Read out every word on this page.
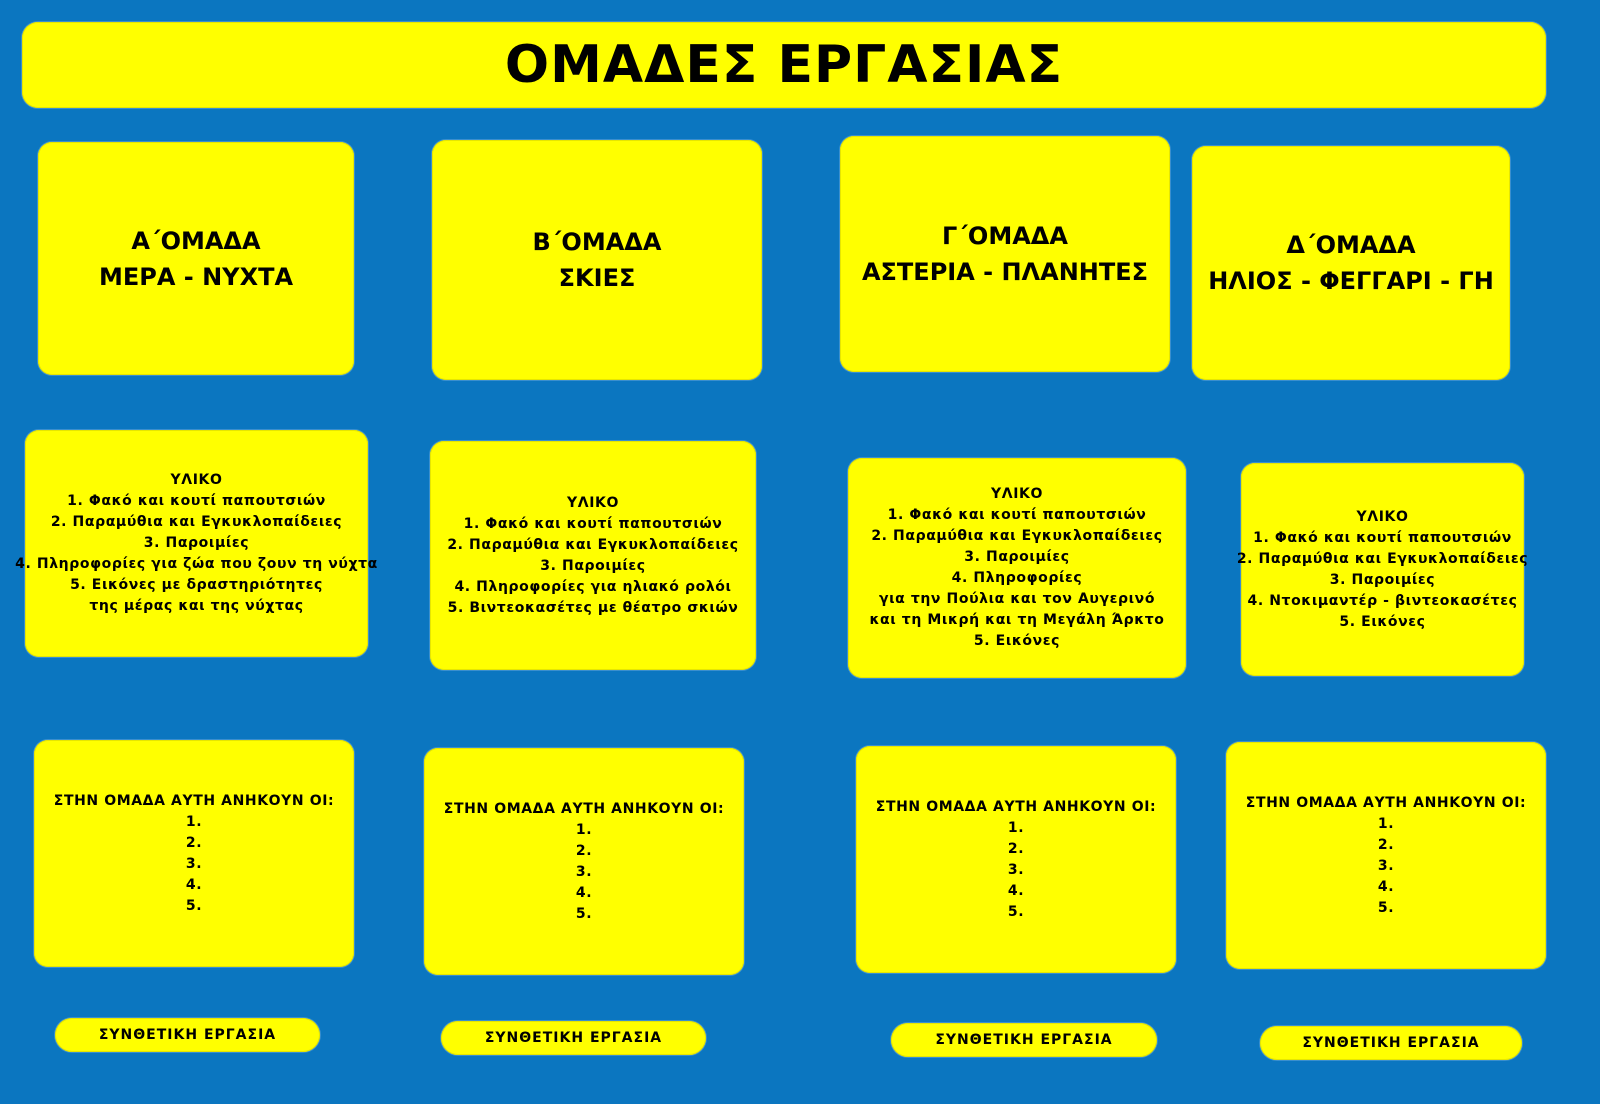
ΟΜΑΔΕΣ ΕΡΓΑΣΙΑΣ
Α΄ΟΜΑΔΑ
ΜΕΡΑ - ΝΥΧΤΑ
ΥΛΙΚΟ
1. Φακό και κουτί παπουτσιών
2. Παραμύθια και Εγκυκλοπαίδειες
3. Παροιμίες
4. Πληροφορίες για ζώα που ζουν τη νύχτα
5. Εικόνες με δραστηριότητες
της μέρας και της νύχτας
ΣΤΗΝ ΟΜΑΔΑ ΑΥΤΗ ΑΝΗΚΟΥΝ ΟΙ:
1.
2.
3.
4.
5.
ΣΥΝΘΕΤΙΚΗ ΕΡΓΑΣΙΑ
Β΄ΟΜΑΔΑ
ΣΚΙΕΣ
ΥΛΙΚΟ
1. Φακό και κουτί παπουτσιών
2. Παραμύθια και Εγκυκλοπαίδειες
3. Παροιμίες
4. Πληροφορίες για ηλιακό ρολόι
5. Βιντεοκασέτες με θέατρο σκιών
ΣΤΗΝ ΟΜΑΔΑ ΑΥΤΗ ΑΝΗΚΟΥΝ ΟΙ:
1.
2.
3.
4.
5.
ΣΥΝΘΕΤΙΚΗ ΕΡΓΑΣΙΑ
Γ΄ΟΜΑΔΑ
ΑΣΤΕΡΙΑ - ΠΛΑΝΗΤΕΣ
ΥΛΙΚΟ
1. Φακό και κουτί παπουτσιών
2. Παραμύθια και Εγκυκλοπαίδειες
3. Παροιμίες
4. Πληροφορίες
για την Πούλια και τον Αυγερινό
και τη Μικρή και τη Μεγάλη Άρκτο
5. Εικόνες
ΣΤΗΝ ΟΜΑΔΑ ΑΥΤΗ ΑΝΗΚΟΥΝ ΟΙ:
1.
2.
3.
4.
5.
ΣΥΝΘΕΤΙΚΗ ΕΡΓΑΣΙΑ
Δ΄ΟΜΑΔΑ
ΗΛΙΟΣ - ΦΕΓΓΑΡΙ - ΓΗ
ΥΛΙΚΟ
1. Φακό και κουτί παπουτσιών
2. Παραμύθια και Εγκυκλοπαίδειες
3. Παροιμίες
4. Ντοκιμαντέρ - βιντεοκασέτες
5. Εικόνες
ΣΤΗΝ ΟΜΑΔΑ ΑΥΤΗ ΑΝΗΚΟΥΝ ΟΙ:
1.
2.
3.
4.
5.
ΣΥΝΘΕΤΙΚΗ ΕΡΓΑΣΙΑ
